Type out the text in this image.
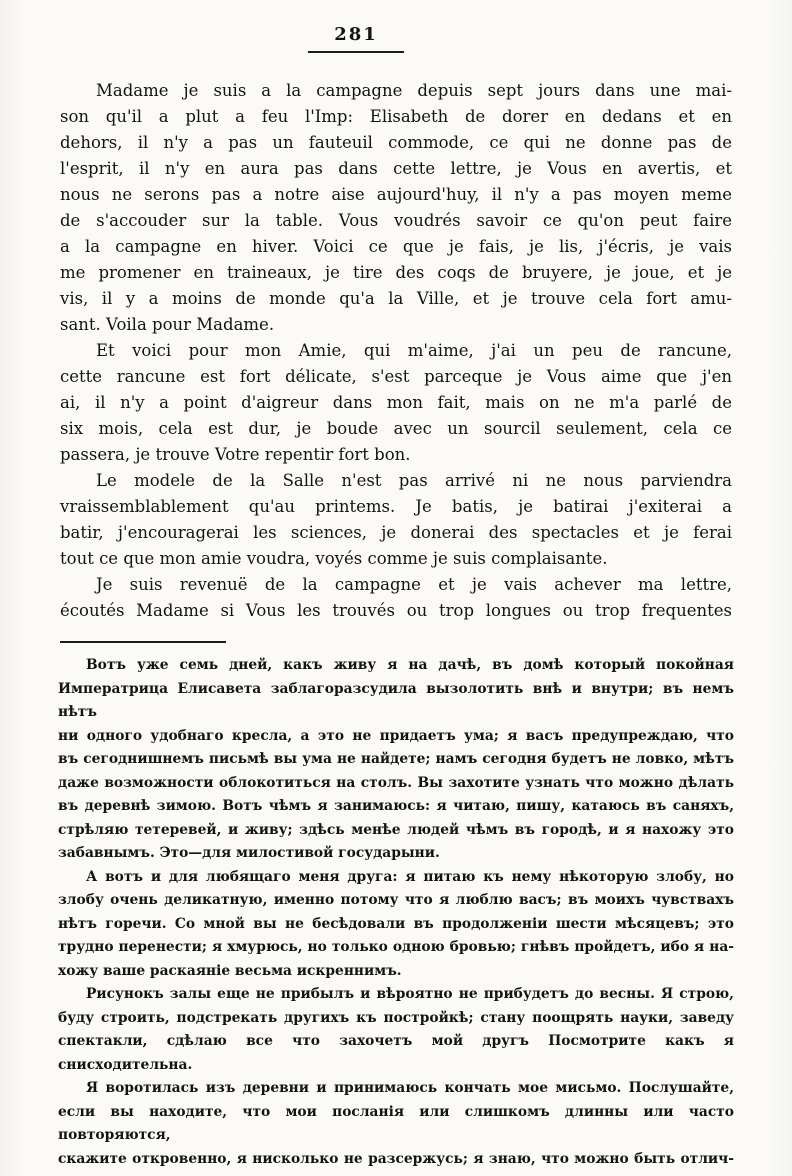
281

Madame je suis a la campagne depuis sept jours dans une mai-
son qu'il a plut a feu l'Imp: Elisabeth de dorer en dedans et en
dehors, il n'y a pas un fauteuil commode, ce qui ne donne pas de
l'esprit, il n'y en aura pas dans cette lettre, je Vous en avertis, et
nous ne serons pas a notre aise aujourd'huy, il n'y a pas moyen meme
de s'accouder sur la table. Vous voudrés savoir ce qu'on peut faire
a la campagne en hiver. Voici ce que je fais, je lis, j'écris, je vais
me promener en traineaux, je tire des coqs de bruyere, je joue, et je
vis, il y a moins de monde qu'a la Ville, et je trouve cela fort amu-
sant. Voila pour Madame.

Et voici pour mon Amie, qui m'aime, j'ai un peu de rancune,
cette rancune est fort délicate, s'est parceque je Vous aime que j'en
ai, il n'y a point d'aigreur dans mon fait, mais on ne m'a parlé de
six mois, cela est dur, je boude avec un sourcil seulement, cela ce
passera, je trouve Votre repentir fort bon.

Le modele de la Salle n'est pas arrivé ni ne nous parviendra
vraissemblablement qu'au printems. Je batis, je batirai j'exiterai a
batir, j'encouragerai les sciences, je donerai des spectacles et je ferai
tout ce que mon amie voudra, voyés comme je suis complaisante.

Je suis revenuë de la campagne et je vais achever ma lettre,
écoutés Madame si Vous les trouvés ou trop longues ou trop frequentes

Вотъ уже семь дней, какъ живу я на дачѣ, въ домѣ который покойная
Императрица Елисавета заблагоразсудила вызолотить внѣ и внутри; въ немъ нѣтъ
ни одного удобнаго кресла, а это не придаетъ ума; я васъ предупреждаю, что
въ сегоднишнемъ письмѣ вы ума не найдете; намъ сегодня будетъ не ловко, мѣтъ
даже возможности облокотиться на столъ. Вы захотите узнать что можно дѣлать
въ деревнѣ зимою. Вотъ чѣмъ я занимаюсь: я читаю, пишу, катаюсь въ саняхъ,
стрѣляю тетеревей, и живу; здѣсь менѣе людей чѣмъ въ городѣ, и я нахожу это
забавнымъ. Это—для милостивой государыни.

А вотъ и для любящаго меня друга: я питаю къ нему нѣкоторую злобу, но
злобу очень деликатную, именно потому что я люблю васъ; въ моихъ чувствахъ
нѣтъ горечи. Со мной вы не бесѣдовали въ продолженіи шести мѣсяцевъ; это
трудно перенести; я хмурюсь, но только одною бровью; гнѣвъ пройдетъ, ибо я на-
хожу ваше раскаяніе весьма искреннимъ.

Рисунокъ залы еще не прибылъ и вѣроятно не прибудетъ до весны. Я строю,
буду строить, подстрекать другихъ къ постройкѣ; стану поощрять науки, заведу
спектакли, сдѣлаю все что захочетъ мой другъ Посмотрите какъ я снисходительна.

Я воротилась изъ деревни и принимаюсь кончать мое мисьмо. Послушайте,
если вы находите, что мои посланія или слишкомъ длинны или часто повторяются,
скажите откровенно, я нисколько не разсержусь; я знаю, что можно быть отлич-
